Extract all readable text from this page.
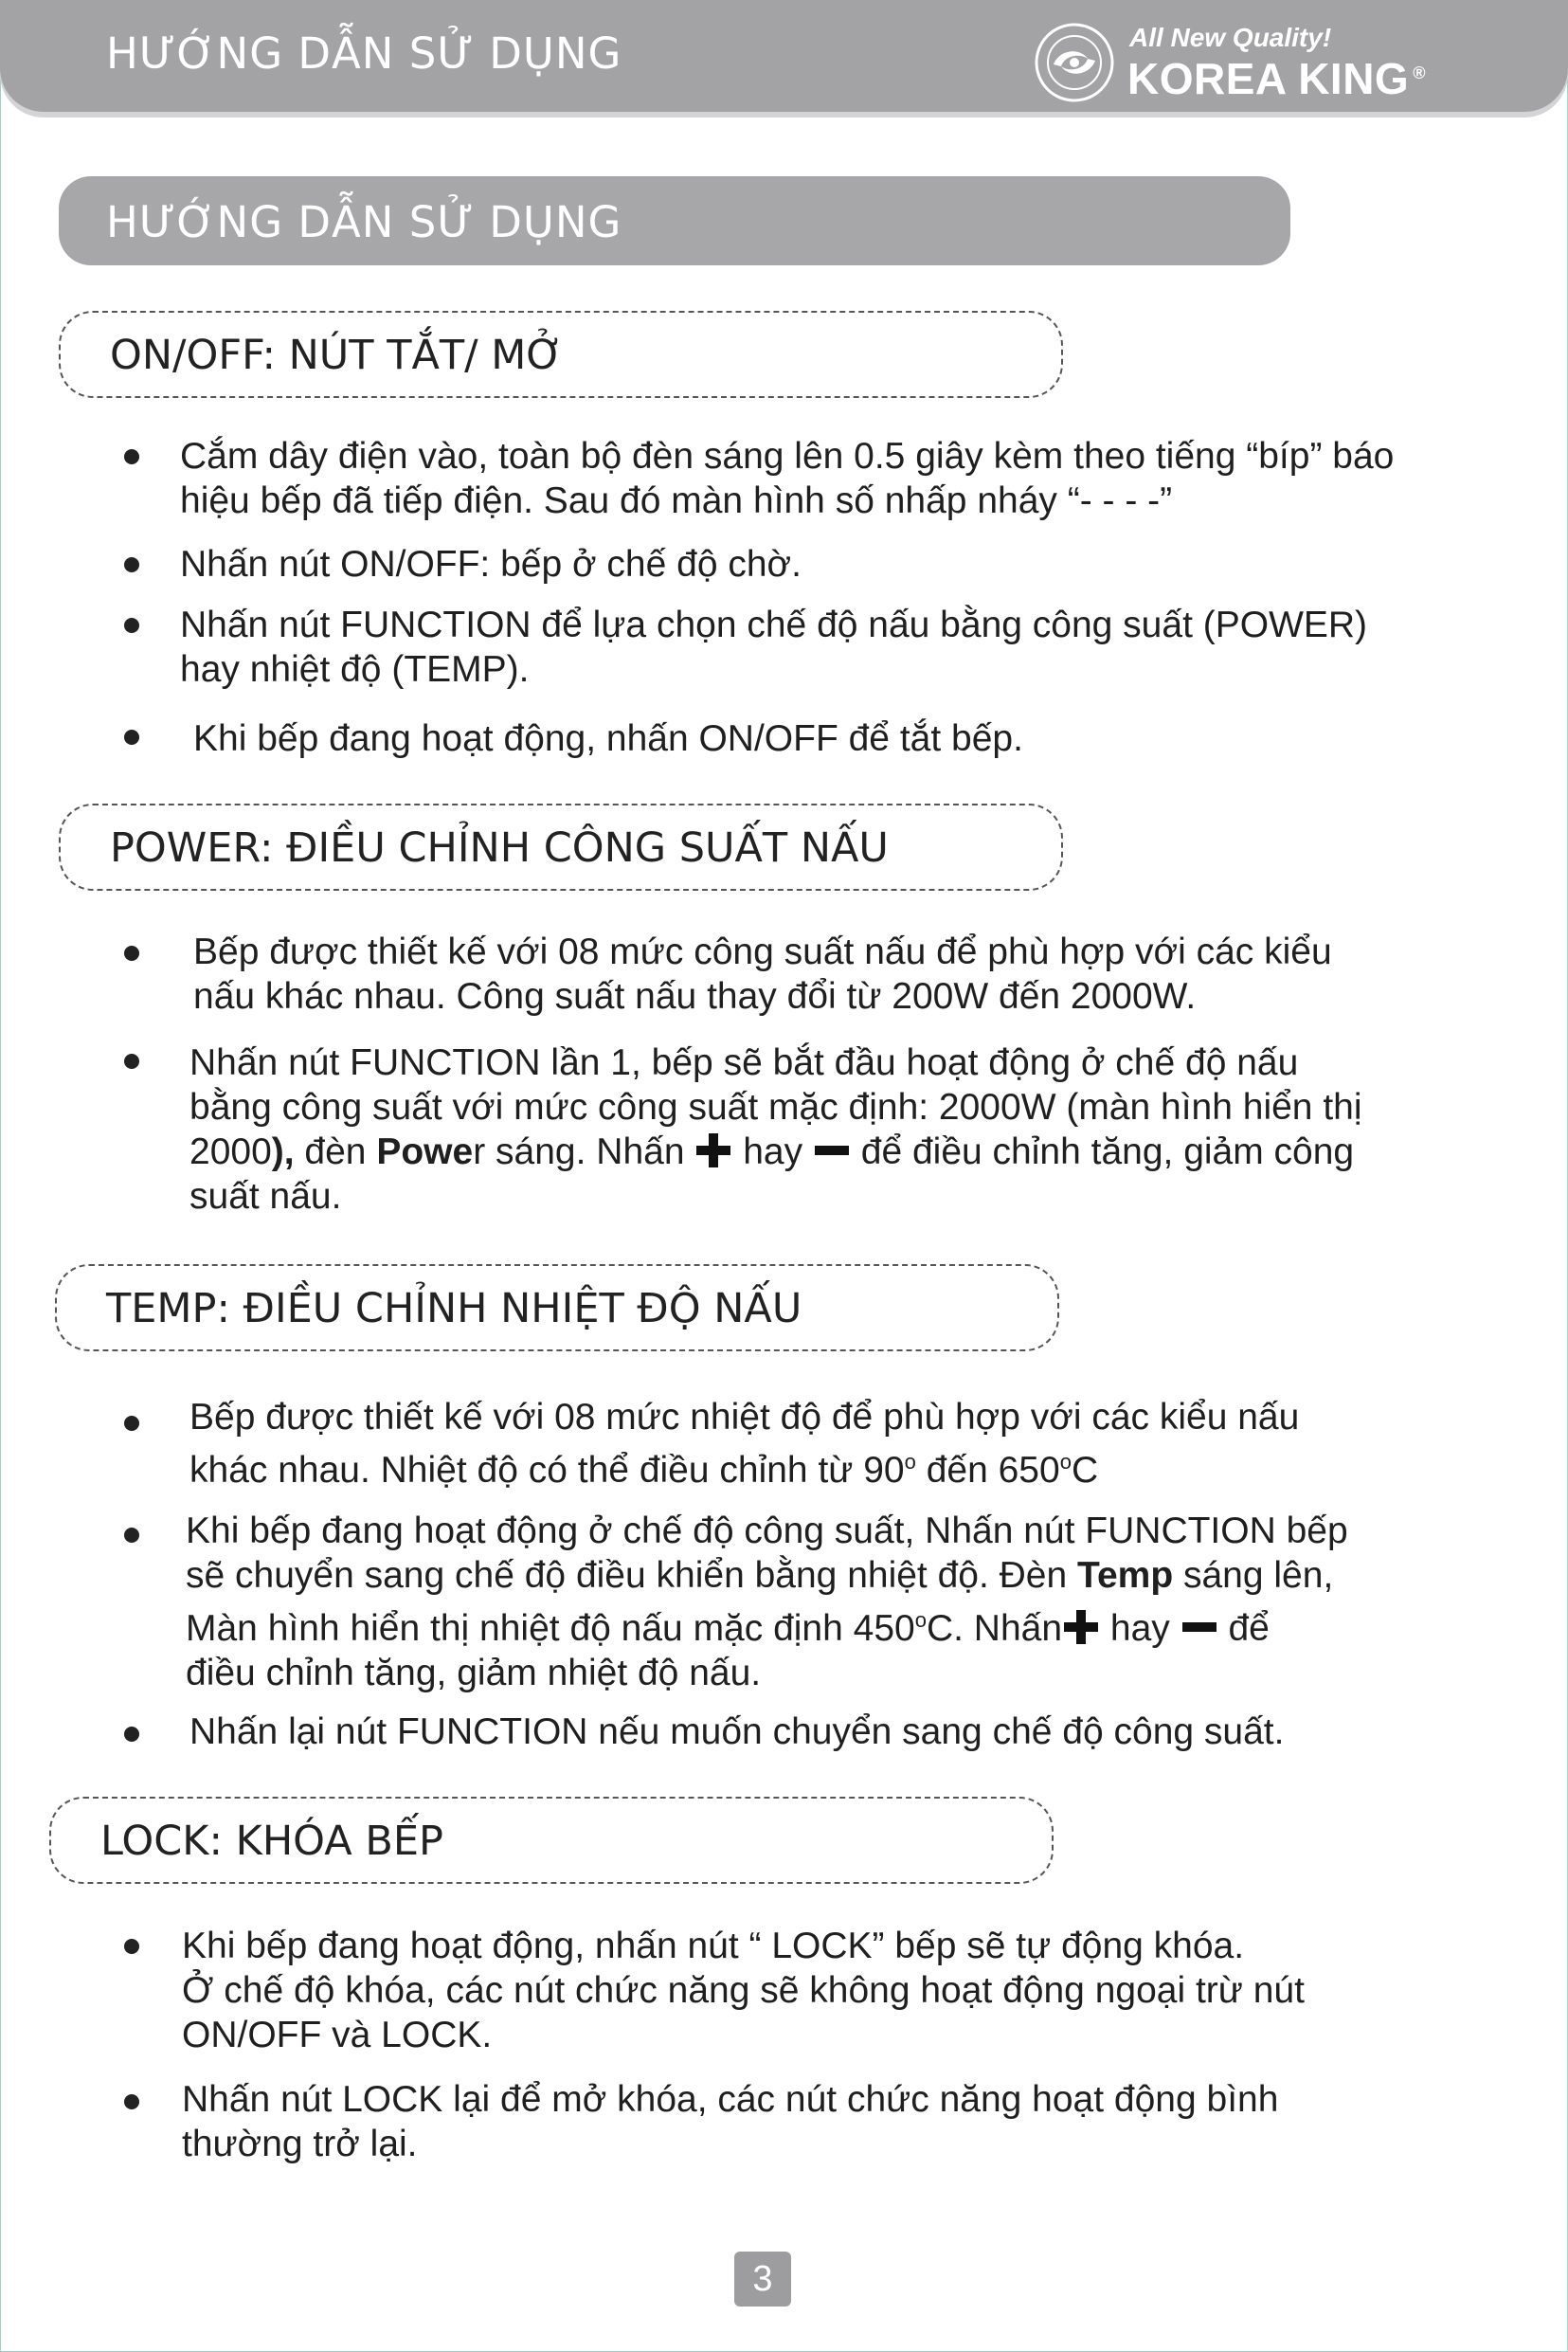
HƯỚNG DẪN SỬ DỤNG	All New Quality!
KOREA KING ®
HƯỚNG DẪN SỬ DỤNG
ON/OFF: NÚT TẮT/ MỞ
Cắm dây điện vào, toàn bộ đèn sáng lên 0.5 giây kèm theo tiếng “bíp” báo
hiệu bếp đã tiếp điện. Sau đó màn hình số nhấp nháy “- - - -”
Nhấn nút ON/OFF: bếp ở chế độ chờ.
Nhấn nút FUNCTION để lựa chọn chế độ nấu bằng công suất (POWER)
hay nhiệt độ (TEMP).
Khi bếp đang hoạt động, nhấn ON/OFF để tắt bếp.
POWER: ĐIỀU CHỈNH CÔNG SUẤT NẤU
Bếp được thiết kế với 08 mức công suất nấu để phù hợp với các kiểu
nấu khác nhau. Công suất nấu thay đổi từ 200W đến 2000W.
Nhấn nút FUNCTION lần 1, bếp sẽ bắt đầu hoạt động ở chế độ nấu
bằng công suất với mức công suất mặc định: 2000W (màn hình hiển thị
2000), đèn Power sáng. Nhấn
hay
để điều chỉnh tăng, giảm công
suất nấu.
TEMP: ĐIỀU CHỈNH NHIỆT ĐỘ NẤU
Bếp được thiết kế với 08 mức nhiệt độ để phù hợp với các kiểu nấu
khác nhau. Nhiệt độ có thể điều chỉnh từ 90$^o$ đến 650$^o$C
Khi bếp đang hoạt động ở chế độ công suất, Nhấn nút FUNCTION bếp
sẽ chuyển sang chế độ điều khiển bằng nhiệt độ. Đèn Temp sáng lên,
Màn hình hiển thị nhiệt độ nấu mặc định 450$^o$C. Nhấn
hay
để
điều chỉnh tăng, giảm nhiệt độ nấu.
Nhấn lại nút FUNCTION nếu muốn chuyển sang chế độ công suất.
LOCK: KHÓA BẾP
Khi bếp đang hoạt động, nhấn nút “ LOCK” bếp sẽ tự động khóa.
Ở chế độ khóa, các nút chức năng sẽ không hoạt động ngoại trừ nút
ON/OFF và LOCK.
Nhấn nút LOCK lại để mở khóa, các nút chức năng hoạt động bình
thường trở lại.
3
